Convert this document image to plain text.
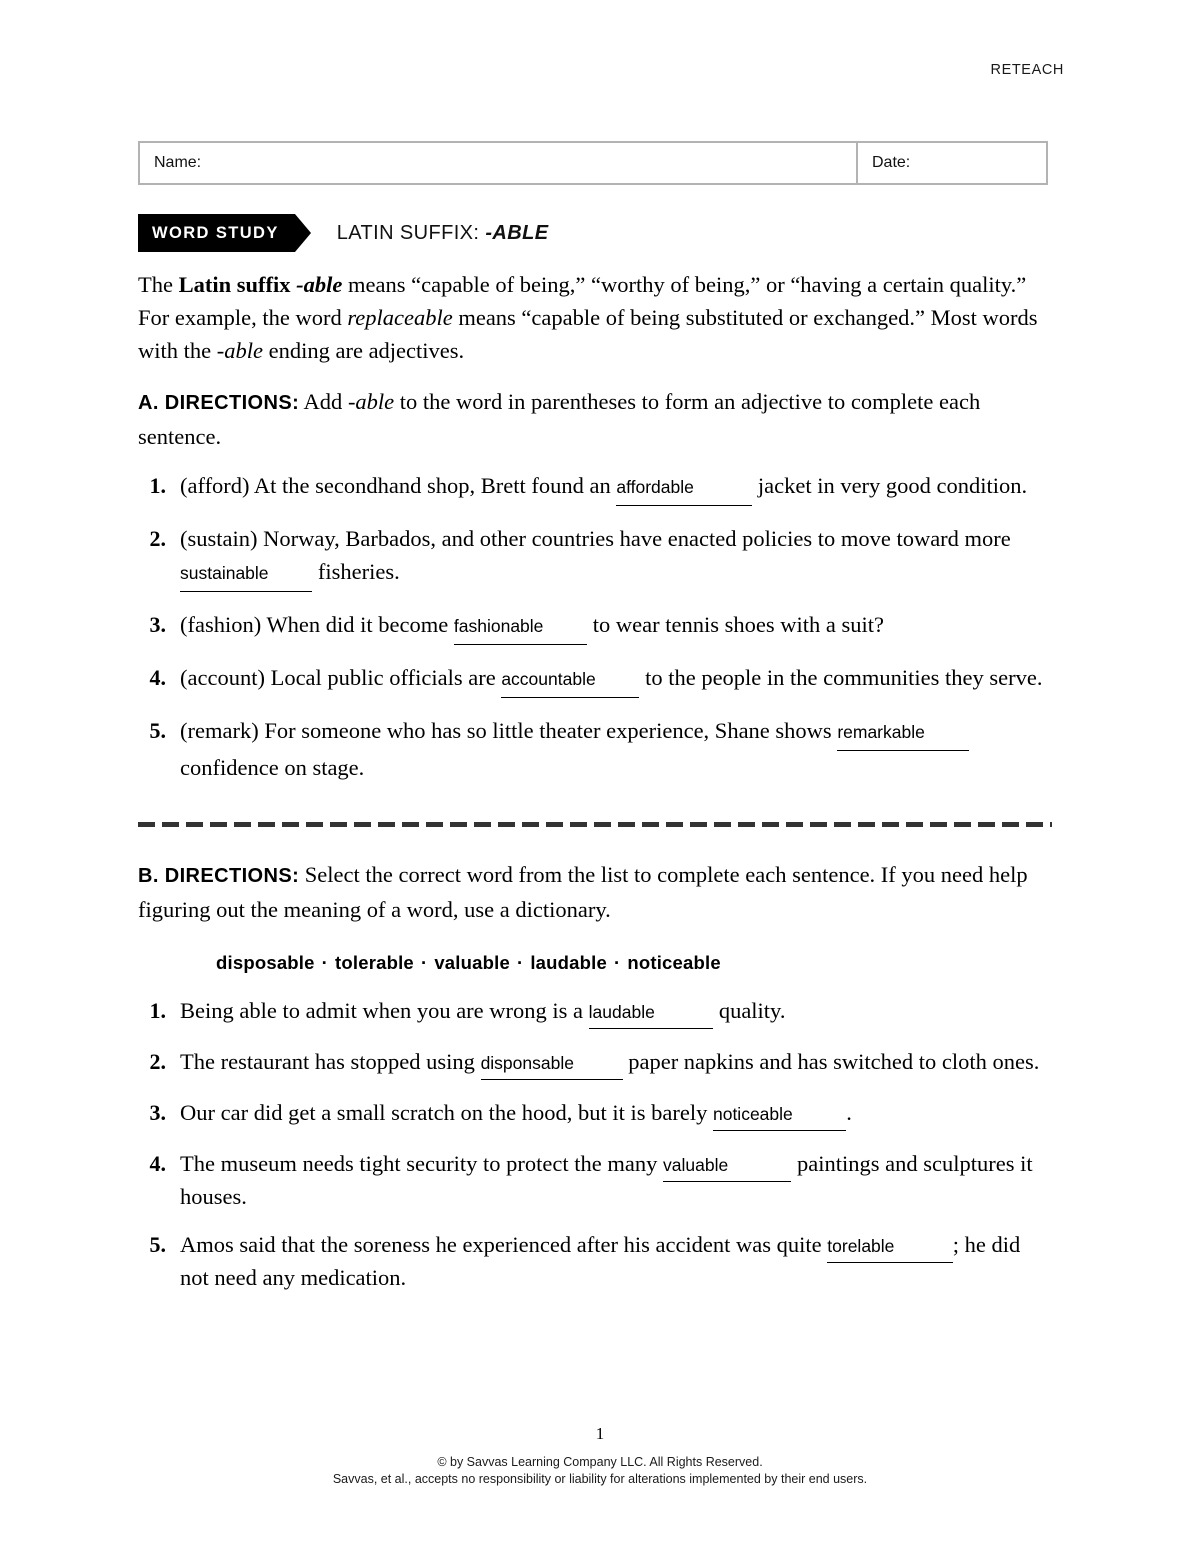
RETEACH
Name:	Date:
WORD STUDY	LATIN SUFFIX: -ABLE

The Latin suffix -able means “capable of being,” “worthy of being,” or “having a certain quality.” For example, the word replaceable means “capable of being substituted or exchanged.” Most words with the -able ending are adjectives.

A. DIRECTIONS: Add -able to the word in parentheses to form an adjective to complete each sentence.

1. (afford) At the secondhand shop, Brett found an affordable             jacket in very good condition.
2. (sustain) Norway, Barbados, and other countries have enacted policies to move toward more sustainable          fisheries.
3. (fashion) When did it become fashionable          to wear tennis shoes with a suit?
4. (account) Local public officials are accountable          to the people in the communities they serve.
5. (remark) For someone who has so little theater experience, Shane shows remarkable          confidence on stage.

B. DIRECTIONS: Select the correct word from the list to complete each sentence. If you need help figuring out the meaning of a word, use a dictionary.

disposable · tolerable · valuable · laudable · noticeable
1. Being able to admit when you are wrong is a laudable             quality.
2. The restaurant has stopped using disponsable           paper napkins and has switched to cloth ones.
3. Our car did get a small scratch on the hood, but it is barely noticeable           .
4. The museum needs tight security to protect the many valuable              paintings and sculptures it houses.
5. Amos said that the soreness he experienced after his accident was quite torelable            ; he did not need any medication.
1
© by Savvas Learning Company LLC. All Rights Reserved.
Savvas, et al., accepts no responsibility or liability for alterations implemented by their end users.
